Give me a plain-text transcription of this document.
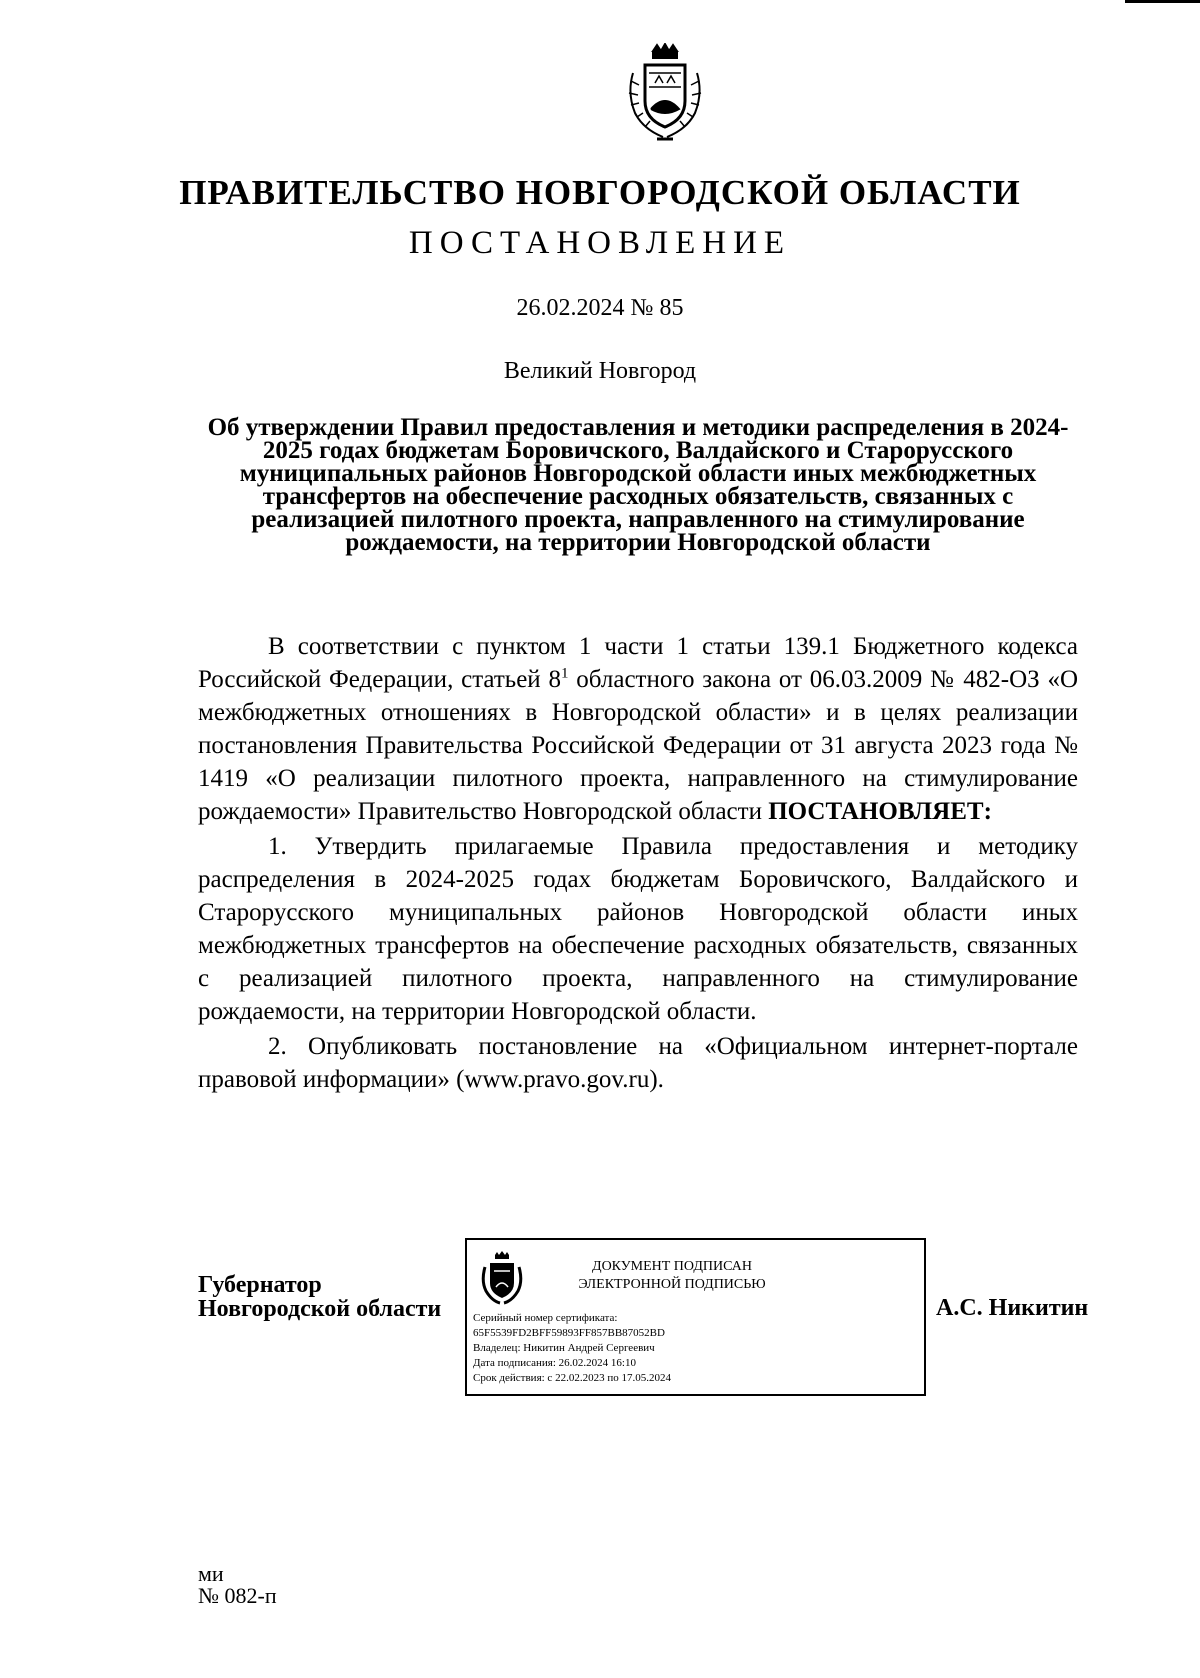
ПРАВИТЕЛЬСТВО НОВГОРОДСКОЙ ОБЛАСТИ
ПОСТАНОВЛЕНИЕ
26.02.2024 № 85
Великий Новгород

Об утверждении Правил предоставления и методики распределения в 2024-2025 годах бюджетам Боровичского, Валдайского и Старорусского муниципальных районов Новгородской области иных межбюджетных трансфертов на обеспечение расходных обязательств, связанных с реализацией пилотного проекта, направленного на стимулирование рождаемости, на территории Новгородской области

В соответствии с пунктом 1 части 1 статьи 139.1 Бюджетного кодекса Российской Федерации, статьей $8^1$ областного закона от 06.03.2009 № 482-ОЗ «О межбюджетных отношениях в Новгородской области» и в целях реализации постановления Правительства Российской Федерации от 31 августа 2023 года № 1419 «О реализации пилотного проекта, направленного на стимулирование рождаемости» Правительство Новгородской области ПОСТАНОВЛЯЕТ:

1. Утвердить прилагаемые Правила предоставления и методику распределения в 2024-2025 годах бюджетам Боровичского, Валдайского и Старорусского муниципальных районов Новгородской области иных межбюджетных трансфертов на обеспечение расходных обязательств, связанных с реализацией пилотного проекта, направленного на стимулирование рождаемости, на территории Новгородской области.

2. Опубликовать постановление на «Официальном интернет-портале правовой информации» (www.pravo.gov.ru).

Губернатор
Новгородской области
ДОКУМЕНТ ПОДПИСАН
ЭЛЕКТРОННОЙ ПОДПИСЬЮ
Серийный номер сертификата:
65F5539FD2BFF59893FF857BB87052BD
Владелец: Никитин Андрей Сергеевич
Дата подписания: 26.02.2024 16:10
Срок действия: с 22.02.2023 по 17.05.2024
А.С. Никитин
ми
№ 082-п
